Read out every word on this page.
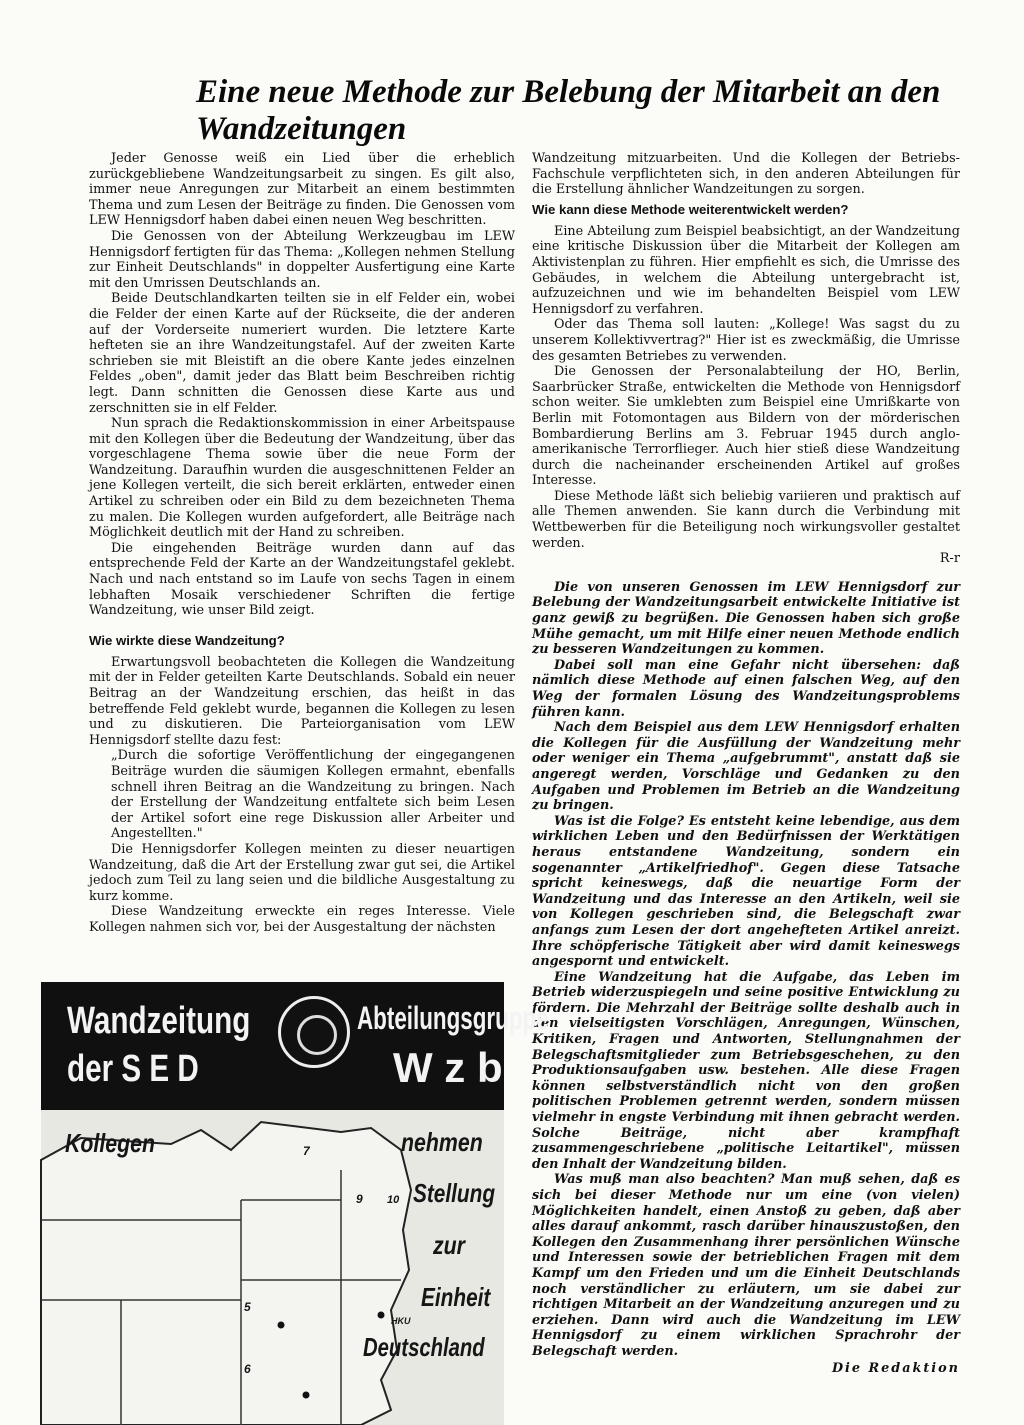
Eine neue Methode zur Belebung der Mitarbeit an den Wandzeitungen

Jeder Genosse weiß ein Lied über die erheblich zurückgebliebene Wandzeitungsarbeit zu singen. Es gilt also, immer neue Anregungen zur Mitarbeit an einem bestimmten Thema und zum Lesen der Beiträge zu finden. Die Genossen vom LEW Hennigsdorf haben dabei einen neuen Weg beschritten.

Die Genossen von der Abteilung Werkzeugbau im LEW Hennigsdorf fertigten für das Thema: „Kollegen nehmen Stellung zur Einheit Deutschlands" in doppelter Ausfertigung eine Karte mit den Umrissen Deutschlands an.

Beide Deutschlandkarten teilten sie in elf Felder ein, wobei die Felder der einen Karte auf der Rückseite, die der anderen auf der Vorderseite numeriert wurden. Die letztere Karte hefteten sie an ihre Wandzeitungstafel. Auf der zweiten Karte schrieben sie mit Bleistift an die obere Kante jedes einzelnen Feldes „oben", damit jeder das Blatt beim Beschreiben richtig legt. Dann schnitten die Genossen diese Karte aus und zerschnitten sie in elf Felder.

Nun sprach die Redaktionskommission in einer Arbeitspause mit den Kollegen über die Bedeutung der Wandzeitung, über das vorgeschlagene Thema sowie über die neue Form der Wandzeitung. Daraufhin wurden die ausgeschnittenen Felder an jene Kollegen verteilt, die sich bereit erklärten, entweder einen Artikel zu schreiben oder ein Bild zu dem bezeichneten Thema zu malen. Die Kollegen wurden aufgefordert, alle Beiträge nach Möglichkeit deutlich mit der Hand zu schreiben.

Die eingehenden Beiträge wurden dann auf das entsprechende Feld der Karte an der Wandzeitungstafel geklebt. Nach und nach entstand so im Laufe von sechs Tagen in einem lebhaften Mosaik verschiedener Schriften die fertige Wandzeitung, wie unser Bild zeigt.

Wie wirkte diese Wandzeitung?

Erwartungsvoll beobachteten die Kollegen die Wandzeitung mit der in Felder geteilten Karte Deutschlands. Sobald ein neuer Beitrag an der Wandzeitung erschien, das heißt in das betreffende Feld geklebt wurde, begannen die Kollegen zu lesen und zu diskutieren. Die Parteiorganisation vom LEW Hennigsdorf stellte dazu fest:

„Durch die sofortige Veröffentlichung der eingegangenen Beiträge wurden die säumigen Kollegen ermahnt, ebenfalls schnell ihren Beitrag an die Wandzeitung zu bringen. Nach der Erstellung der Wandzeitung entfaltete sich beim Lesen der Artikel sofort eine rege Diskussion aller Arbeiter und Angestellten."

Die Hennigsdorfer Kollegen meinten zu dieser neuartigen Wandzeitung, daß die Art der Erstellung zwar gut sei, die Artikel jedoch zum Teil zu lang seien und die bildliche Ausgestaltung zu kurz komme.

Diese Wandzeitung erweckte ein reges Interesse. Viele Kollegen nahmen sich vor, bei der Ausgestaltung der nächsten

Wandzeitung mitzuarbeiten. Und die Kollegen der Betriebs-Fachschule verpflichteten sich, in den anderen Abteilungen für die Erstellung ähnlicher Wandzeitungen zu sorgen.

Wie kann diese Methode weiterentwickelt werden?

Eine Abteilung zum Beispiel beabsichtigt, an der Wandzeitung eine kritische Diskussion über die Mitarbeit der Kollegen am Aktivistenplan zu führen. Hier empfiehlt es sich, die Umrisse des Gebäudes, in welchem die Abteilung untergebracht ist, aufzuzeichnen und wie im behandelten Beispiel vom LEW Hennigsdorf zu verfahren.

Oder das Thema soll lauten: „Kollege! Was sagst du zu unserem Kollektivvertrag?" Hier ist es zweckmäßig, die Umrisse des gesamten Betriebes zu verwenden.

Die Genossen der Personalabteilung der HO, Berlin, Saarbrücker Straße, entwickelten die Methode von Hennigsdorf schon weiter. Sie umklebten zum Beispiel eine Umrißkarte von Berlin mit Fotomontagen aus Bildern von der mörderischen Bombardierung Berlins am 3. Februar 1945 durch anglo-amerikanische Terrorflieger. Auch hier stieß diese Wandzeitung durch die nacheinander erscheinenden Artikel auf großes Interesse.

Diese Methode läßt sich beliebig variieren und praktisch auf alle Themen anwenden. Sie kann durch die Verbindung mit Wettbewerben für die Beteiligung noch wirkungsvoller gestaltet werden.

R-r

Die von unseren Genossen im LEW Hennigsdorf zur Belebung der Wandzeitungsarbeit entwickelte Initiative ist ganz gewiß zu begrüßen. Die Genossen haben sich große Mühe gemacht, um mit Hilfe einer neuen Methode endlich zu besseren Wandzeitungen zu kommen.

Dabei soll man eine Gefahr nicht übersehen: daß nämlich diese Methode auf einen falschen Weg, auf den Weg der formalen Lösung des Wandzeitungsproblems führen kann.

Nach dem Beispiel aus dem LEW Hennigsdorf erhalten die Kollegen für die Ausfüllung der Wandzeitung mehr oder weniger ein Thema „aufgebrummt", anstatt daß sie angeregt werden, Vorschläge und Gedanken zu den Aufgaben und Problemen im Betrieb an die Wandzeitung zu bringen.

Was ist die Folge? Es entsteht keine lebendige, aus dem wirklichen Leben und den Bedürfnissen der Werktätigen heraus entstandene Wandzeitung, sondern ein sogenannter „Artikelfriedhof". Gegen diese Tatsache spricht keineswegs, daß die neuartige Form der Wandzeitung und das Interesse an den Artikeln, weil sie von Kollegen geschrieben sind, die Belegschaft zwar anfangs zum Lesen der dort angehefteten Artikel anreizt. Ihre schöpferische Tätigkeit aber wird damit keineswegs angespornt und entwickelt.

Eine Wandzeitung hat die Aufgabe, das Leben im Betrieb widerzuspiegeln und seine positive Entwicklung zu fördern. Die Mehrzahl der Beiträge sollte deshalb auch in den vielseitigsten Vorschlägen, Anregungen, Wünschen, Kritiken, Fragen und Antworten, Stellungnahmen der Belegschaftsmitglieder zum Betriebsgeschehen, zu den Produktionsaufgaben usw. bestehen. Alle diese Fragen können selbstverständlich nicht von den großen politischen Problemen getrennt werden, sondern müssen vielmehr in engste Verbindung mit ihnen gebracht werden. Solche Beiträge, nicht aber krampfhaft zusammengeschriebene „politische Leitartikel", müssen den Inhalt der Wandzeitung bilden.

Was muß man also beachten? Man muß sehen, daß es sich bei dieser Methode nur um eine (von vielen) Möglichkeiten handelt, einen Anstoß zu geben, daß aber alles darauf ankommt, rasch darüber hinauszustoßen, den Kollegen den Zusammenhang ihrer persönlichen Wünsche und Interessen sowie der betrieblichen Fragen mit dem Kampf um den Frieden und um die Einheit Deutschlands noch verständlicher zu erläutern, um sie dabei zur richtigen Mitarbeit an der Wandzeitung anzuregen und zu erziehen. Dann wird auch die Wandzeitung im LEW Hennigsdorf zu einem wirklichen Sprachrohr der Belegschaft werden.

Die Redaktion
Wandzeitung
der S E D
Abteilungsgruppe
W z b
7
9 10
5
6
HKU
Kollegen	nehmen
Stellung
zur
Einheit
Deutschland
